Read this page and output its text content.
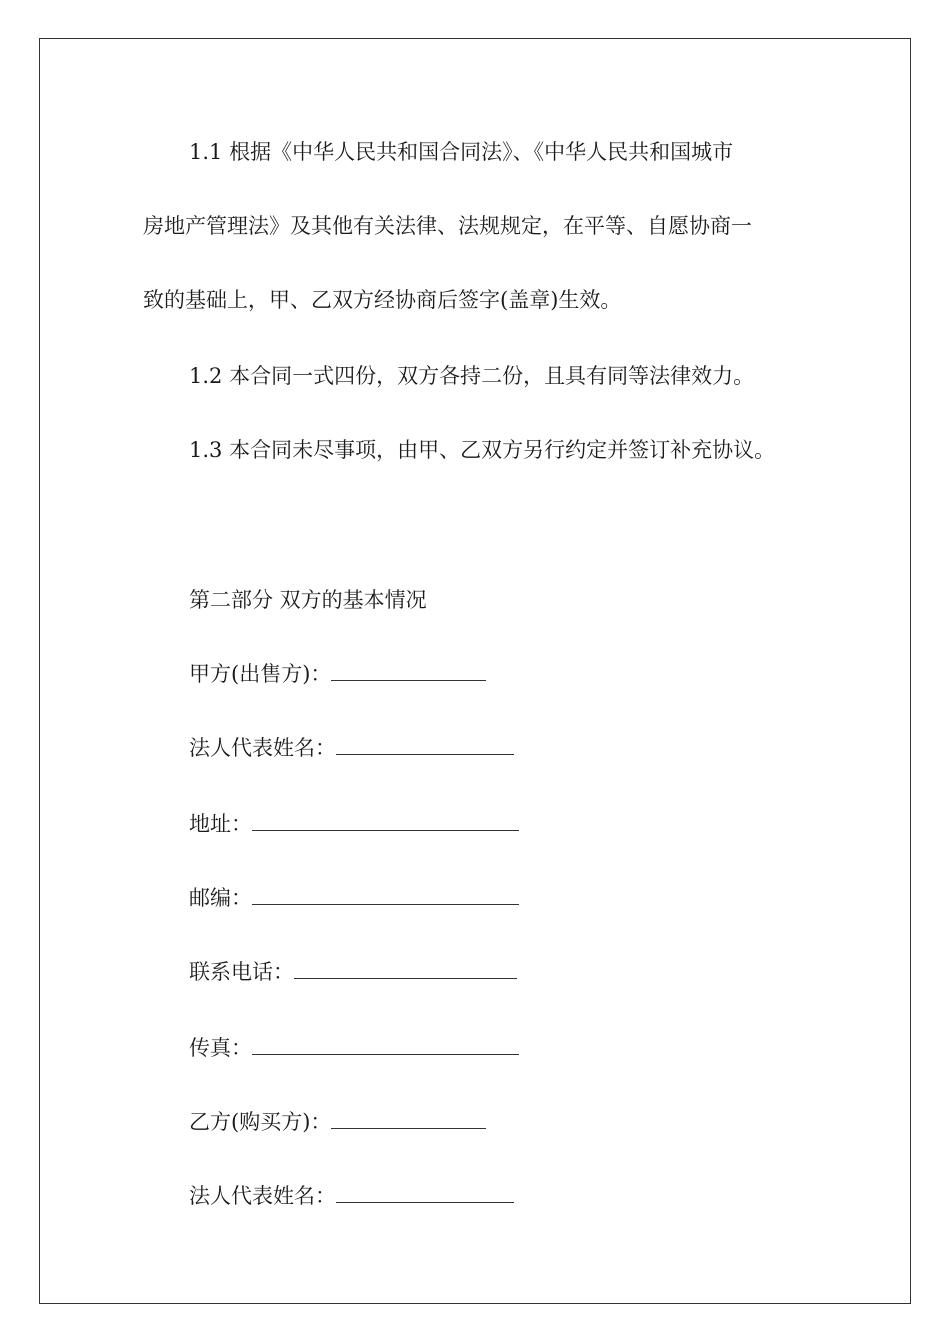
1.1 根据《中华人民共和国合同法》、《中华人民共和国城市
房地产管理法》及其他有关法律、法规规定，在平等、自愿协商一
致的基础上，甲、乙双方经协商后签字(盖章)生效。
1.2 本合同一式四份，双方各持二份，且具有同等法律效力。
1.3 本合同未尽事项，由甲、乙双方另行约定并签订补充协议。
第二部分 双方的基本情况
甲方(出售方)：
法人代表姓名：
地址：
邮编：
联系电话：
传真：
乙方(购买方)：
法人代表姓名：
